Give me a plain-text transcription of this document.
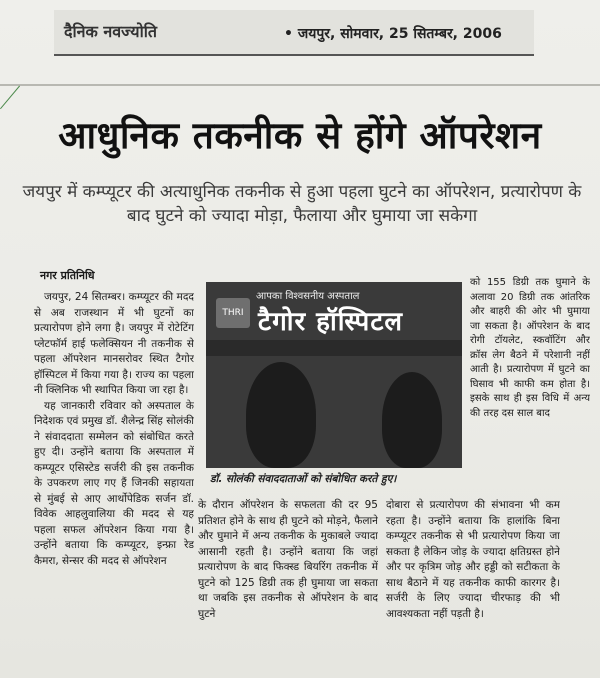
दैनिक नवज्योति	• जयपुर, सोमवार, 25 सितम्बर, 2006
आधुनिक तकनीक से होंगे ऑपरेशन
जयपुर में कम्प्यूटर की अत्याधुनिक तकनीक से हुआ पहला घुटने का ऑपरेशन, प्रत्यारोपण के बाद घुटने को ज्यादा मोड़ा, फैलाया और घुमाया जा सकेगा
नगर प्रतिनिधि

जयपुर, 24 सितम्बर। कम्प्यूटर की मदद से अब राजस्थान में भी घुटनों का प्रत्यारोपण होने लगा है। जयपुर में रोटेटिंग प्लेटफॉर्म हाई फलेक्सियन नी तकनीक से पहला ऑपरेशन मानसरोवर स्थित टैगोर हॉस्पिटल में किया गया है। राज्य का पहला नी क्लिनिक भी स्थापित किया जा रहा है।

यह जानकारी रविवार को अस्पताल के निदेशक एवं प्रमुख डॉ. शैलेन्द्र सिंह सोलंकी ने संवाददाता सम्मेलन को संबोधित करते हुए दी। उन्होंने बताया कि अस्पताल में कम्प्यूटर एसिस्टेड सर्जरी की इस तकनीक के उपकरण लाए गए हैं जिनकी सहायता से मुंबई से आए आर्थोपेडिक सर्जन डॉ. विवेक आहलुवालिया की मदद से यह पहला सफल ऑपरेशन किया गया है। उन्होंने बताया कि कम्प्यूटर, इन्फ्रा रेड कैमरा, सेन्सर की मदद से ऑपरेशन

THRI
आपका विश्वसनीय अस्पताल
टैगोर हॉस्पिटल
डॉ. सोलंकी संवाददाताओं को संबोधित करते हुए।

को 155 डिग्री तक घुमाने के अलावा 20 डिग्री तक आंतरिक और बाहरी की ओर भी घुमाया जा सकता है। ऑपरेशन के बाद रोगी टॉयलेट, स्कवॉटिंग और क्रॉस लेग बैठने में परेशानी नहीं आती है। प्रत्यारोपण में घुटने का घिसाव भी काफी कम होता है। इसके साथ ही इस विधि में अन्य की तरह दस साल बाद

के दौरान ऑपरेशन के सफलता की दर 95 प्रतिशत होने के साथ ही घुटने को मोड़ने, फैलाने और घुमाने में अन्य तकनीक के मुकाबले ज्यादा आसानी रहती है। उन्होंने बताया कि जहां प्रत्यारोपण के बाद फिक्स्ड बियरिंग तकनीक में घुटने को 125 डिग्री तक ही घुमाया जा सकता था जबकि इस तकनीक से ऑपरेशन के बाद घुटने

दोबारा से प्रत्यारोपण की संभावना भी कम रहता है। उन्होंने बताया कि हालांकि बिना कम्प्यूटर तकनीक से भी प्रत्यारोपण किया जा सकता है लेकिन जोड़ के ज्यादा क्षतिग्रस्त होने और पर कृत्रिम जोड़ और हड्डी को सटीकता के साथ बैठाने में यह तकनीक काफी कारगर है। सर्जरी के लिए ज्यादा चीरफाड़ की भी आवश्यकता नहीं पड़ती है।
